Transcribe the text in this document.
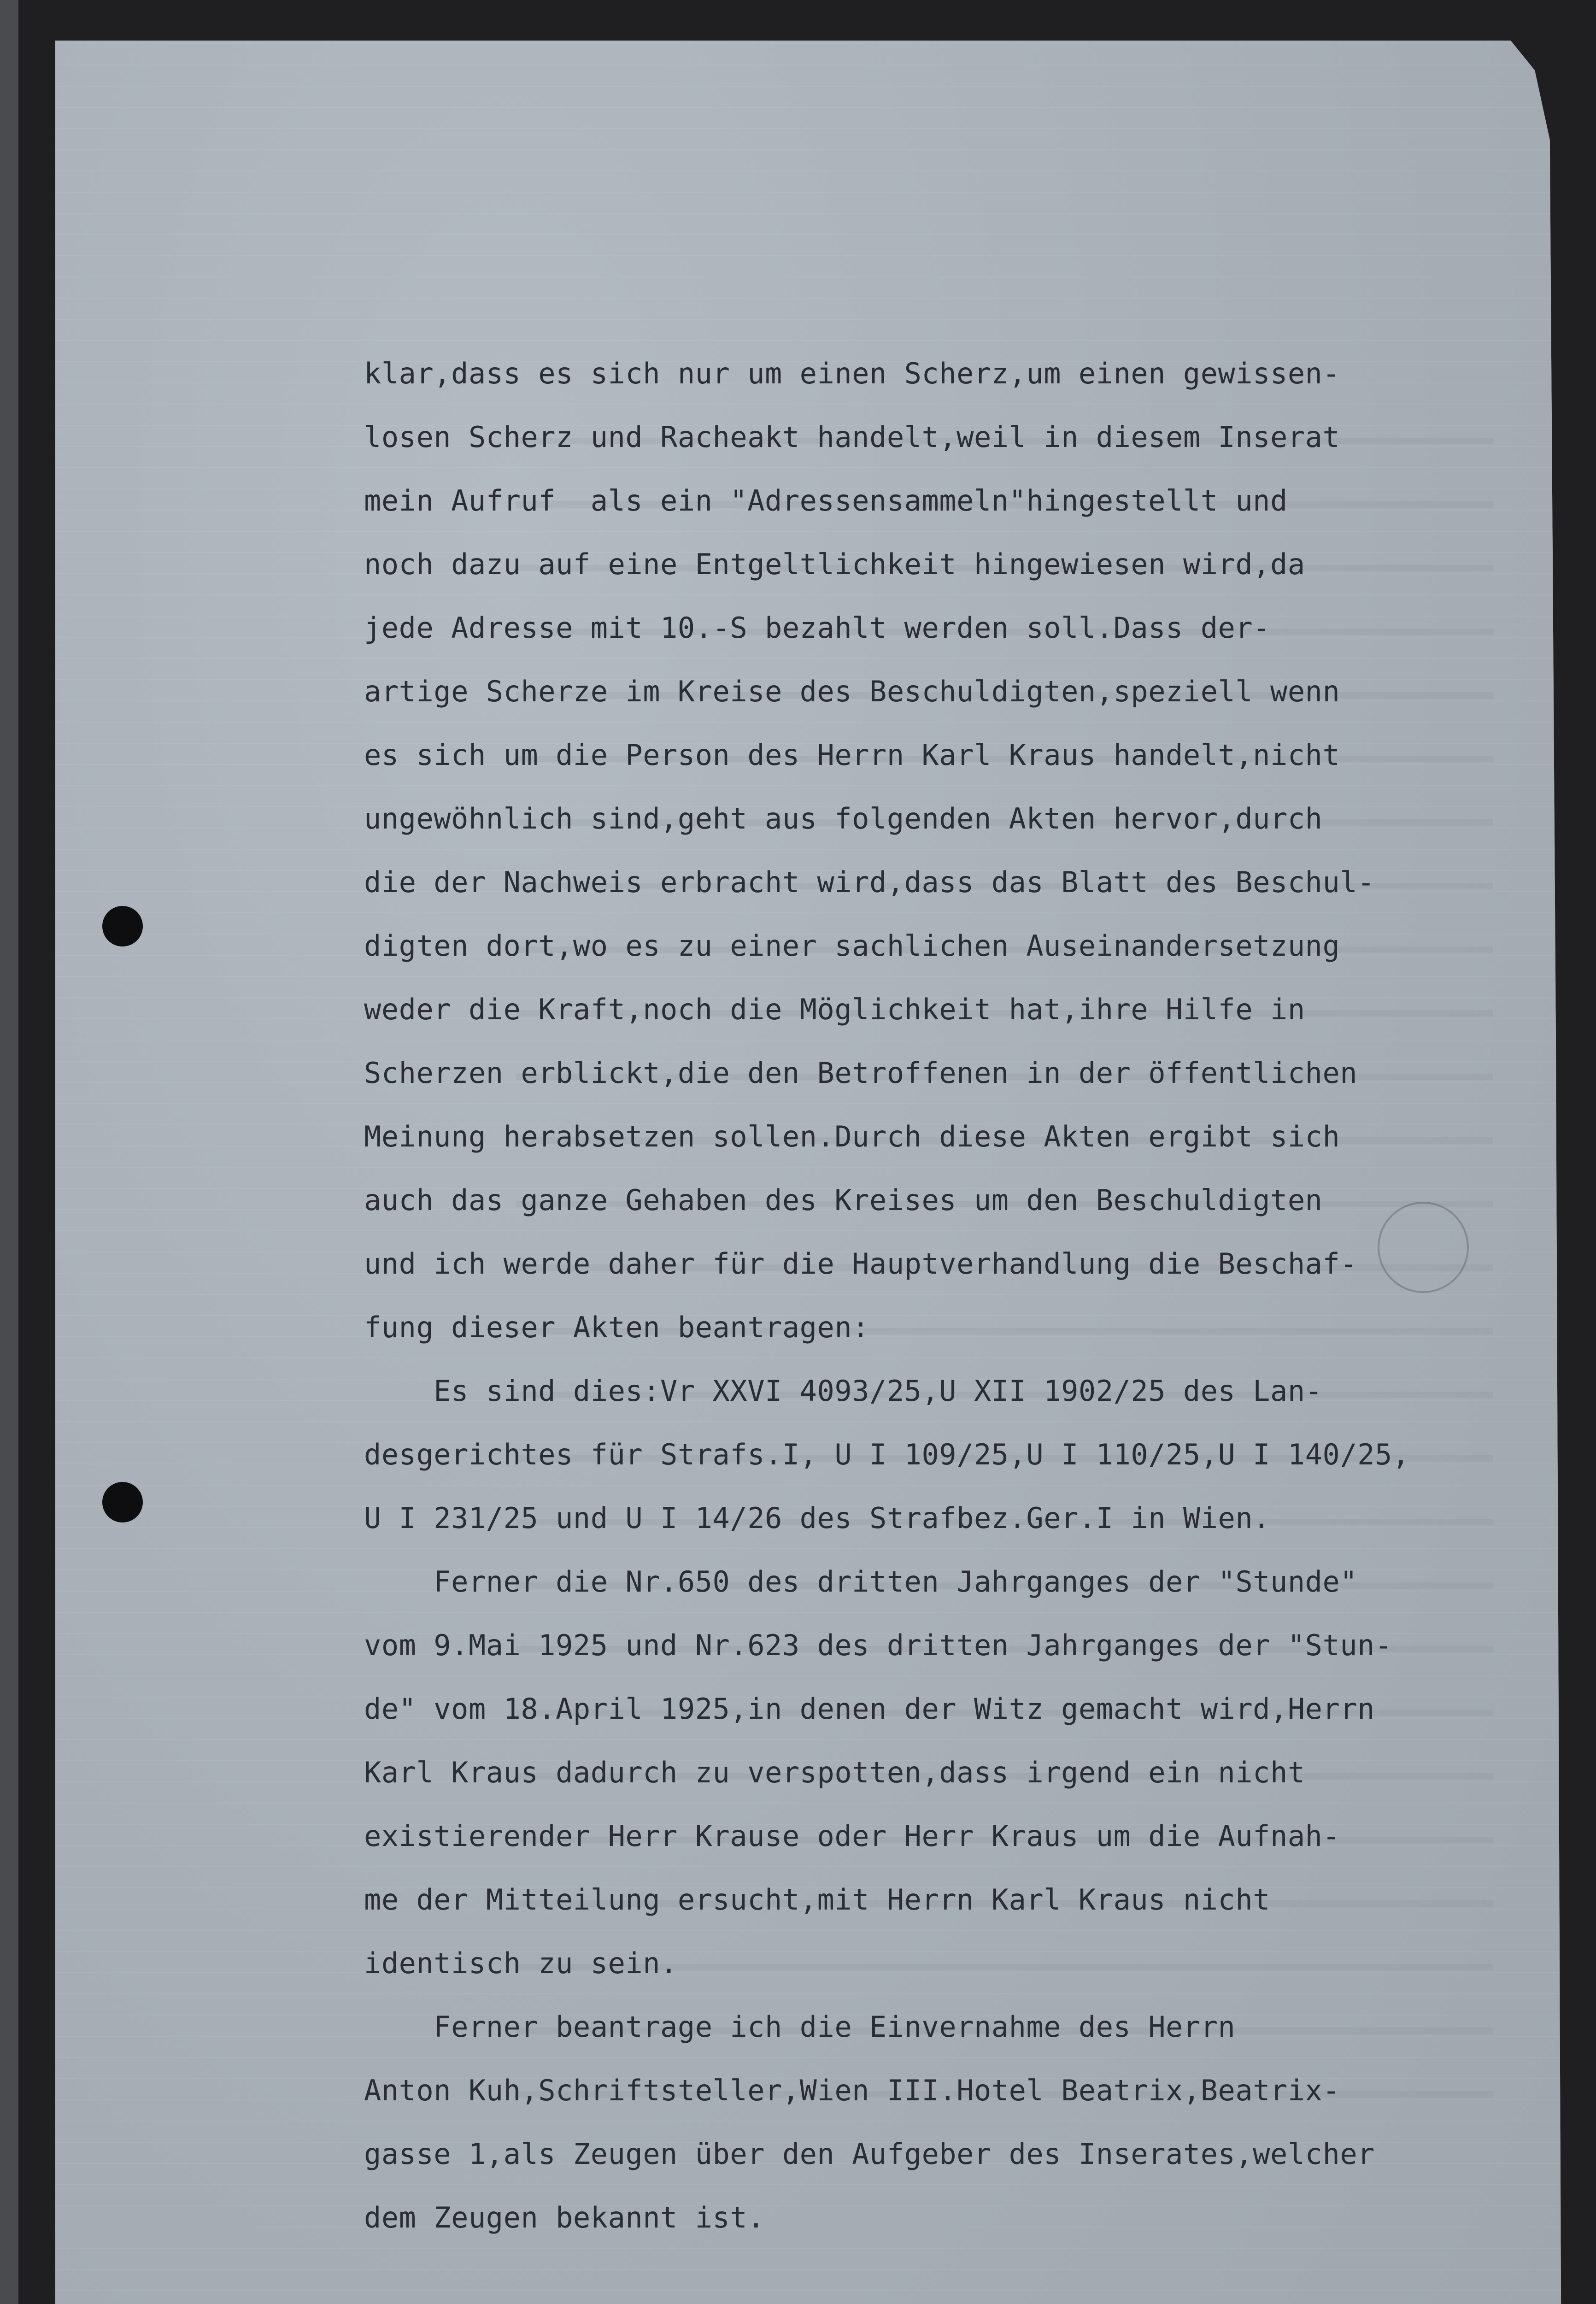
klar,dass es sich nur um einen Scherz,um einen gewissen-
losen Scherz und Racheakt handelt,weil in diesem Inserat
mein Aufruf  als ein "Adressensammeln"hingestellt und
noch dazu auf eine Entgeltlichkeit hingewiesen wird,da
jede Adresse mit 10.-S bezahlt werden soll.Dass der-
artige Scherze im Kreise des Beschuldigten,speziell wenn
es sich um die Person des Herrn Karl Kraus handelt,nicht
ungewöhnlich sind,geht aus folgenden Akten hervor,durch
die der Nachweis erbracht wird,dass das Blatt des Beschul-
digten dort,wo es zu einer sachlichen Auseinandersetzung
weder die Kraft,noch die Möglichkeit hat,ihre Hilfe in
Scherzen erblickt,die den Betroffenen in der öffentlichen
Meinung herabsetzen sollen.Durch diese Akten ergibt sich
auch das ganze Gehaben des Kreises um den Beschuldigten
und ich werde daher für die Hauptverhandlung die Beschaf-
fung dieser Akten beantragen:
Es sind dies:Vr XXVI 4093/25,U XII 1902/25 des Lan-
desgerichtes für Strafs.I, U I 109/25,U I 110/25,U I 140/25,
U I 231/25 und U I 14/26 des Strafbez.Ger.I in Wien.
Ferner die Nr.650 des dritten Jahrganges der "Stunde"
vom 9.Mai 1925 und Nr.623 des dritten Jahrganges der "Stun-
de" vom 18.April 1925,in denen der Witz gemacht wird,Herrn
Karl Kraus dadurch zu verspotten,dass irgend ein nicht
existierender Herr Krause oder Herr Kraus um die Aufnah-
me der Mitteilung ersucht,mit Herrn Karl Kraus nicht
identisch zu sein.
Ferner beantrage ich die Einvernahme des Herrn
Anton Kuh,Schriftsteller,Wien III.Hotel Beatrix,Beatrix-
gasse 1,als Zeugen über den Aufgeber des Inserates,welcher
dem Zeugen bekannt ist.
